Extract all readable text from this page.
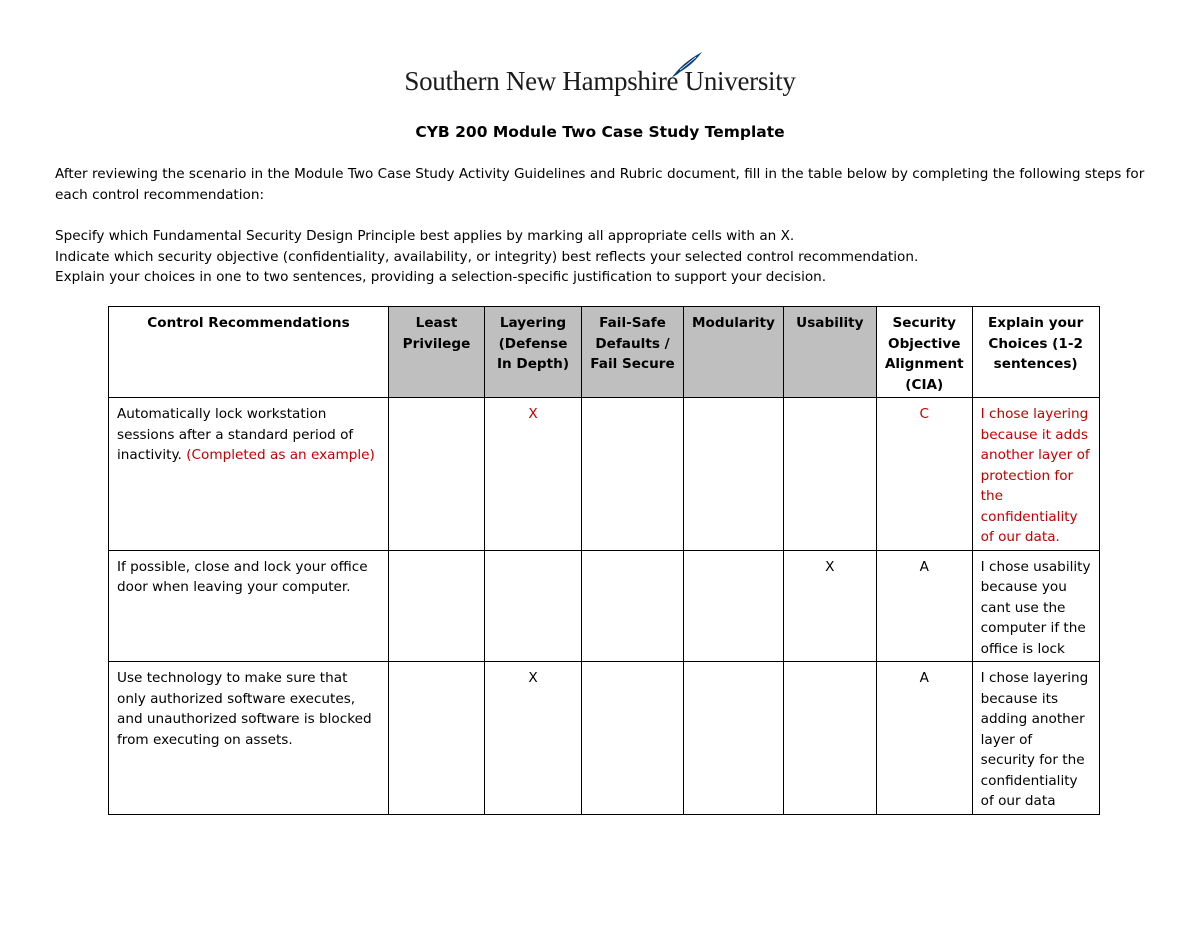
Southern New Hampshire University
CYB 200 Module Two Case Study Template
After reviewing the scenario in the Module Two Case Study Activity Guidelines and Rubric document, fill in the table below by completing the following steps for each control recommendation:
Specify which Fundamental Security Design Principle best applies by marking all appropriate cells with an X.
Indicate which security objective (confidentiality, availability, or integrity) best reflects your selected control recommendation.
Explain your choices in one to two sentences, providing a selection-specific justification to support your decision.
Control Recommendations	Least Privilege	Layering (Defense In Depth)	Fail-Safe Defaults / Fail Secure	Modularity	Usability	Security Objective Alignment (CIA)	Explain your Choices (1-2 sentences)
Automatically lock workstation sessions after a standard period of inactivity. (Completed as an example)		X				C	I chose layering because it adds another layer of protection for the confidentiality of our data.
If possible, close and lock your office door when leaving your computer.					X	A	I chose usability because you cant use the computer if the office is lock
Use technology to make sure that only authorized software executes, and unauthorized software is blocked from executing on assets.		X				A	I chose layering because its adding another layer of security for the confidentiality of our data
